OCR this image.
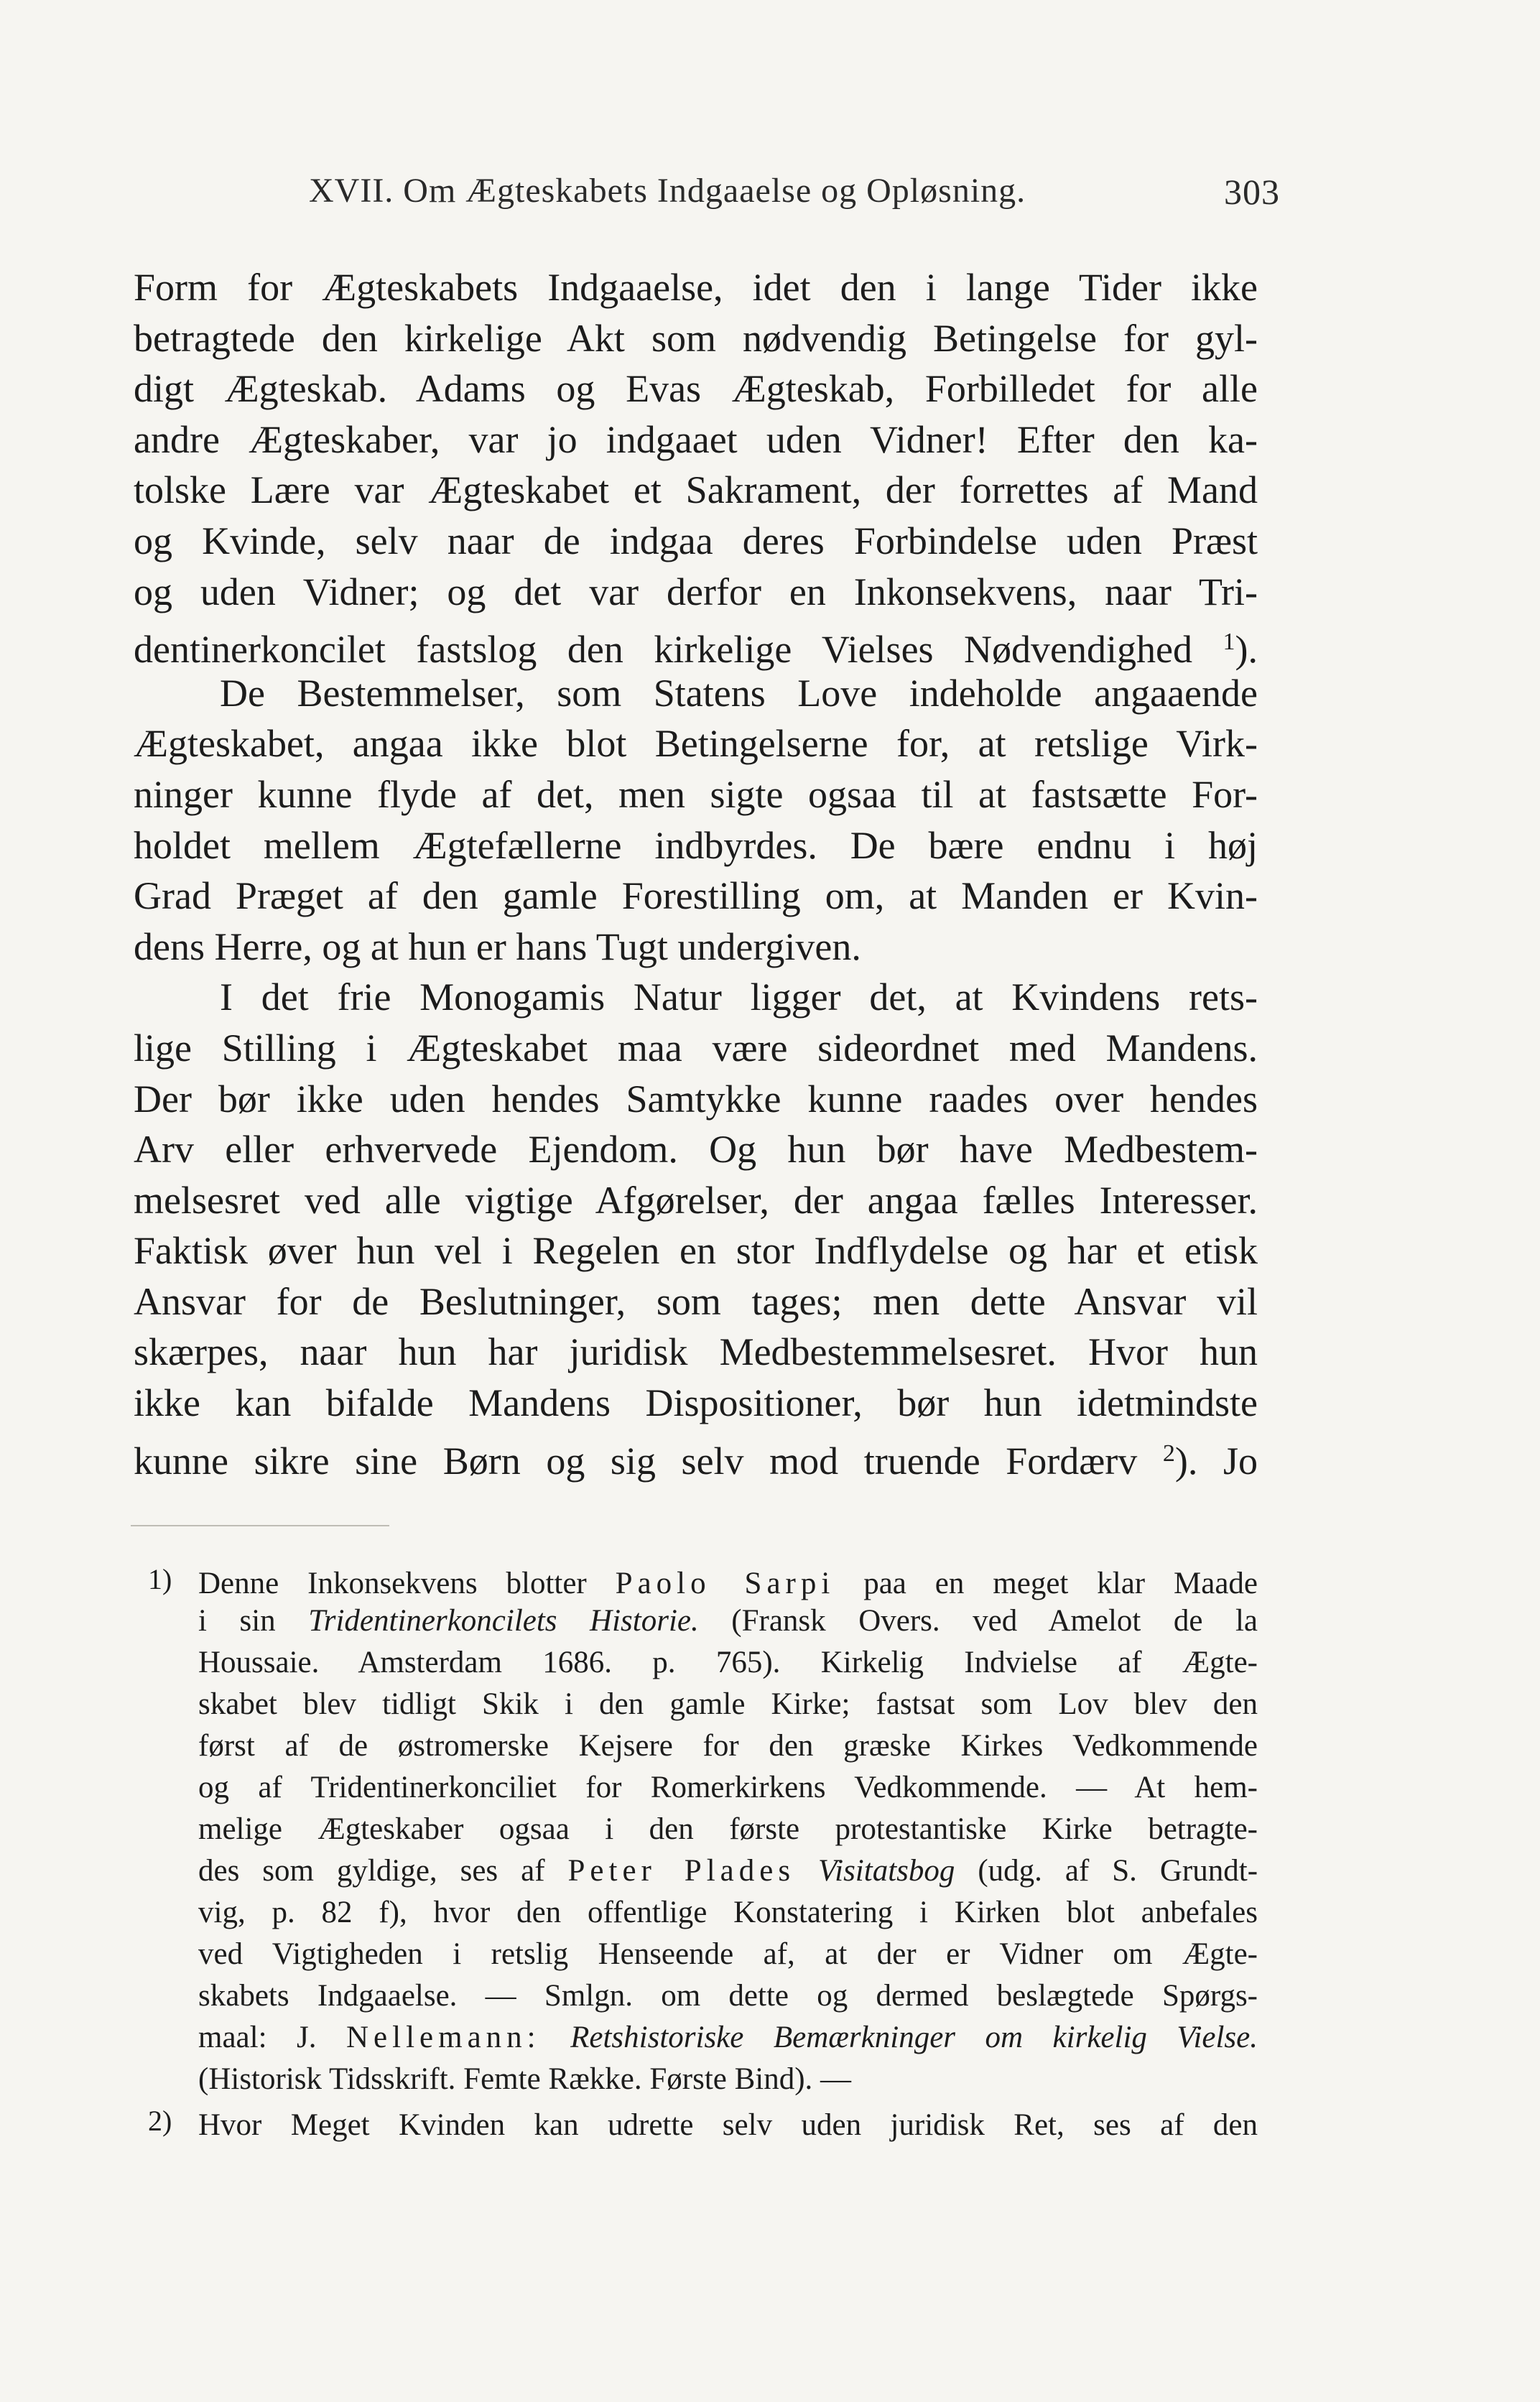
XVII. Om Ægteskabets Indgaaelse og Opløsning.	303
Form for Ægteskabets Indgaaelse, idet den i lange Tider ikke
betragtede den kirkelige Akt som nødvendig Betingelse for gyl-
digt Ægteskab. Adams og Evas Ægteskab, Forbilledet for alle
andre Ægteskaber, var jo indgaaet uden Vidner! Efter den ka-
tolske Lære var Ægteskabet et Sakrament, der forrettes af Mand
og Kvinde, selv naar de indgaa deres Forbindelse uden Præst
og uden Vidner; og det var derfor en Inkonsekvens, naar Tri-
dentinerkoncilet fastslog den kirkelige Vielses Nødvendighed $^1$).
De Bestemmelser, som Statens Love indeholde angaaende
Ægteskabet, angaa ikke blot Betingelserne for, at retslige Virk-
ninger kunne flyde af det, men sigte ogsaa til at fastsætte For-
holdet mellem Ægtefællerne indbyrdes. De bære endnu i høj
Grad Præget af den gamle Forestilling om, at Manden er Kvin-
dens Herre, og at hun er hans Tugt undergiven.
I det frie Monogamis Natur ligger det, at Kvindens rets-
lige Stilling i Ægteskabet maa være sideordnet med Mandens.
Der bør ikke uden hendes Samtykke kunne raades over hendes
Arv eller erhvervede Ejendom. Og hun bør have Medbestem-
melsesret ved alle vigtige Afgørelser, der angaa fælles Interesser.
Faktisk øver hun vel i Regelen en stor Indflydelse og har et etisk
Ansvar for de Beslutninger, som tages; men dette Ansvar vil
skærpes, naar hun har juridisk Medbestemmelsesret. Hvor hun
ikke kan bifalde Mandens Dispositioner, bør hun idetmindste
kunne sikre sine Børn og sig selv mod truende Fordærv $^2$). Jo
1) Denne Inkonsekvens blotter Paolo Sarpi paa en meget klar Maade
i sin Tridentinerkoncilets Historie. (Fransk Overs. ved Amelot de la
Houssaie. Amsterdam 1686. p. 765). Kirkelig Indvielse af Ægte-
skabet blev tidligt Skik i den gamle Kirke; fastsat som Lov blev den
først af de østromerske Kejsere for den græske Kirkes Vedkommende
og af Tridentinerkonciliet for Romerkirkens Vedkommende. — At hem-
melige Ægteskaber ogsaa i den første protestantiske Kirke betragte-
des som gyldige, ses af Peter Plades Visitatsbog (udg. af S. Grundt-
vig, p. 82 f), hvor den offentlige Konstatering i Kirken blot anbefales
ved Vigtigheden i retslig Henseende af, at der er Vidner om Ægte-
skabets Indgaaelse. — Smlgn. om dette og dermed beslægtede Spørgs-
maal: J. Nellemann: Retshistoriske Bemærkninger om kirkelig Vielse.
(Historisk Tidsskrift. Femte Række. Første Bind). —
2) Hvor Meget Kvinden kan udrette selv uden juridisk Ret, ses af den
